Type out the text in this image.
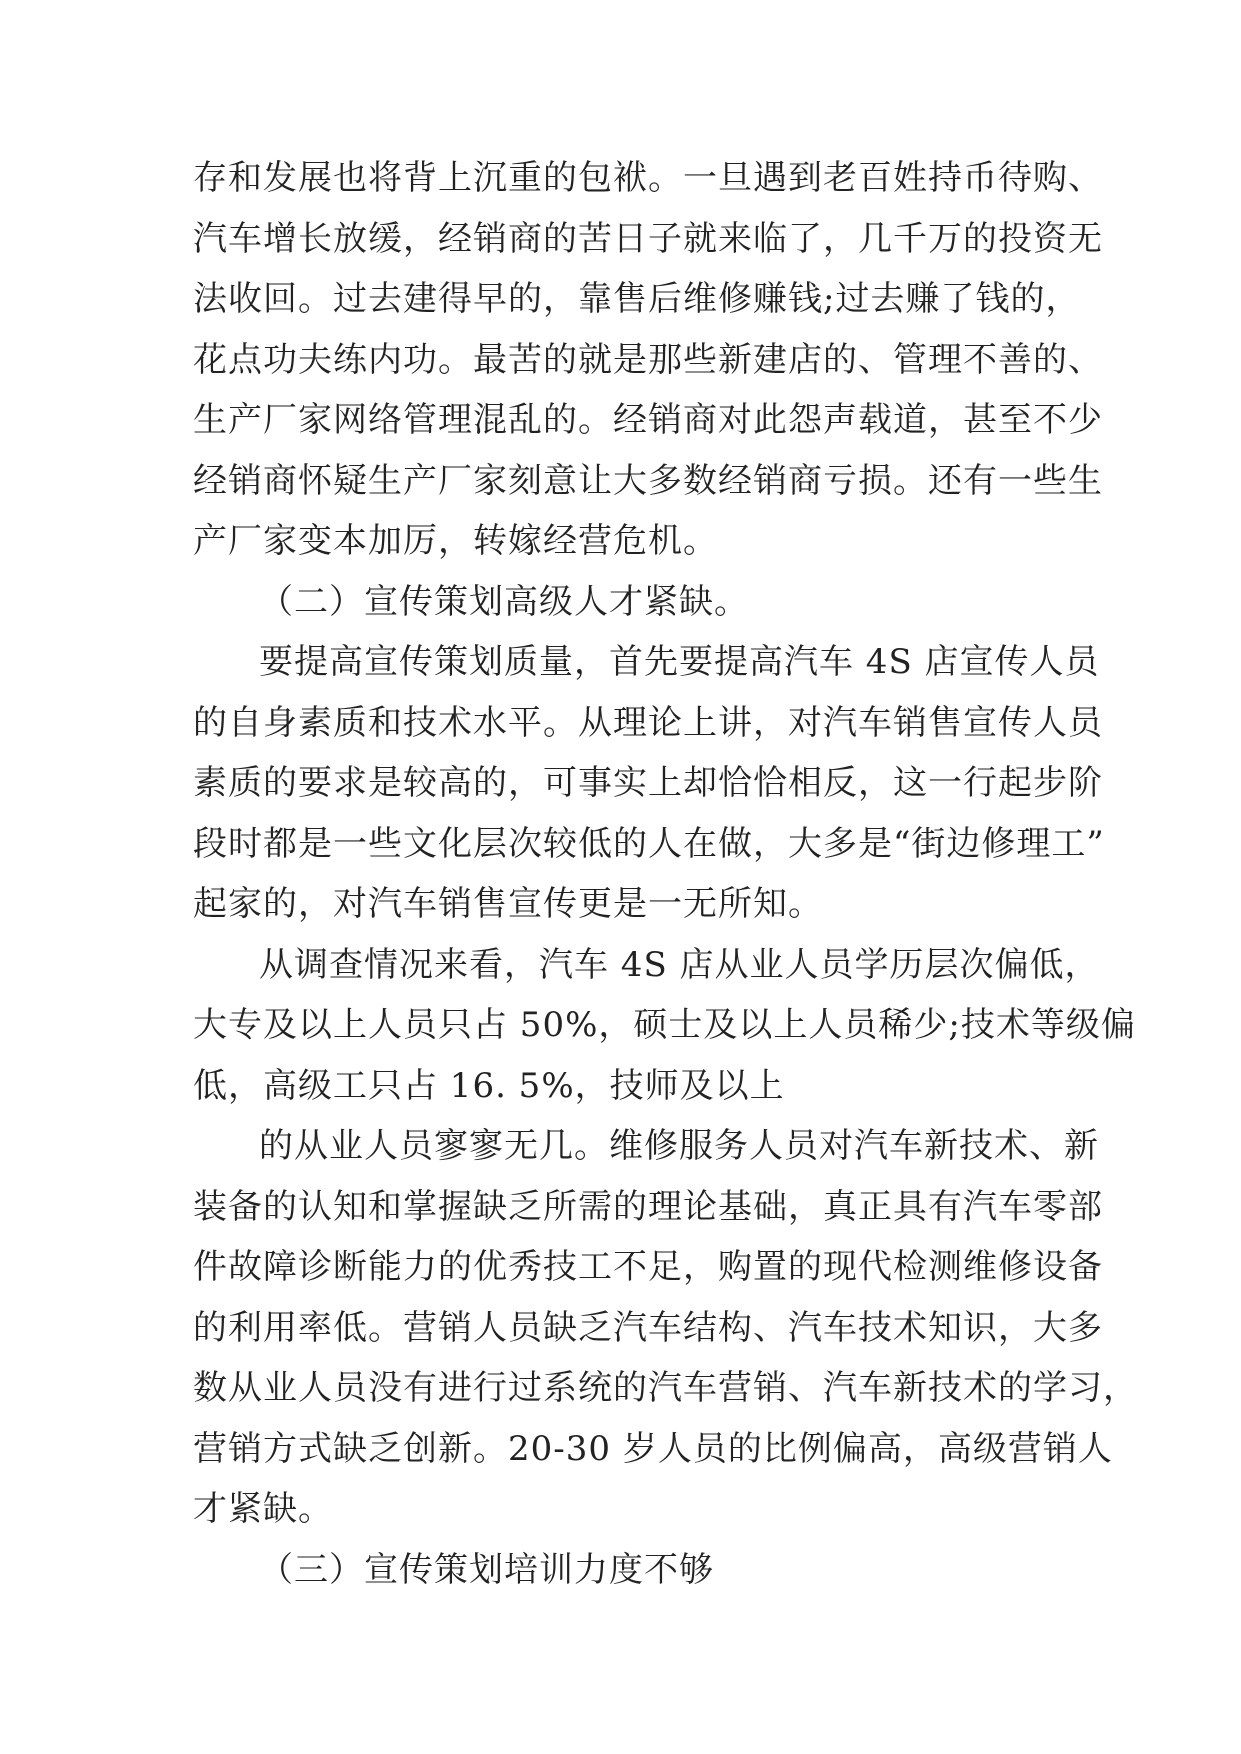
存和发展也将背上沉重的包袱。一旦遇到老百姓持币待购、
汽车增长放缓，经销商的苦日子就来临了，几千万的投资无
法收回。过去建得早的，靠售后维修赚钱;过去赚了钱的，
花点功夫练内功。最苦的就是那些新建店的、管理不善的、
生产厂家网络管理混乱的。经销商对此怨声载道，甚至不少
经销商怀疑生产厂家刻意让大多数经销商亏损。还有一些生
产厂家变本加厉，转嫁经营危机。
（二）宣传策划高级人才紧缺。
要提高宣传策划质量，首先要提高汽车 4S 店宣传人员
的自身素质和技术水平。从理论上讲，对汽车销售宣传人员
素质的要求是较高的，可事实上却恰恰相反，这一行起步阶
段时都是一些文化层次较低的人在做，大多是“街边修理工”
起家的，对汽车销售宣传更是一无所知。
从调查情况来看，汽车 4S 店从业人员学历层次偏低，
大专及以上人员只占 50%，硕士及以上人员稀少;技术等级偏
低，高级工只占 16. 5%，技师及以上
的从业人员寥寥无几。维修服务人员对汽车新技术、新
装备的认知和掌握缺乏所需的理论基础，真正具有汽车零部
件故障诊断能力的优秀技工不足，购置的现代检测维修设备
的利用率低。营销人员缺乏汽车结构、汽车技术知识，大多
数从业人员没有进行过系统的汽车营销、汽车新技术的学习，
营销方式缺乏创新。20-30 岁人员的比例偏高，高级营销人
才紧缺。
（三）宣传策划培训力度不够
